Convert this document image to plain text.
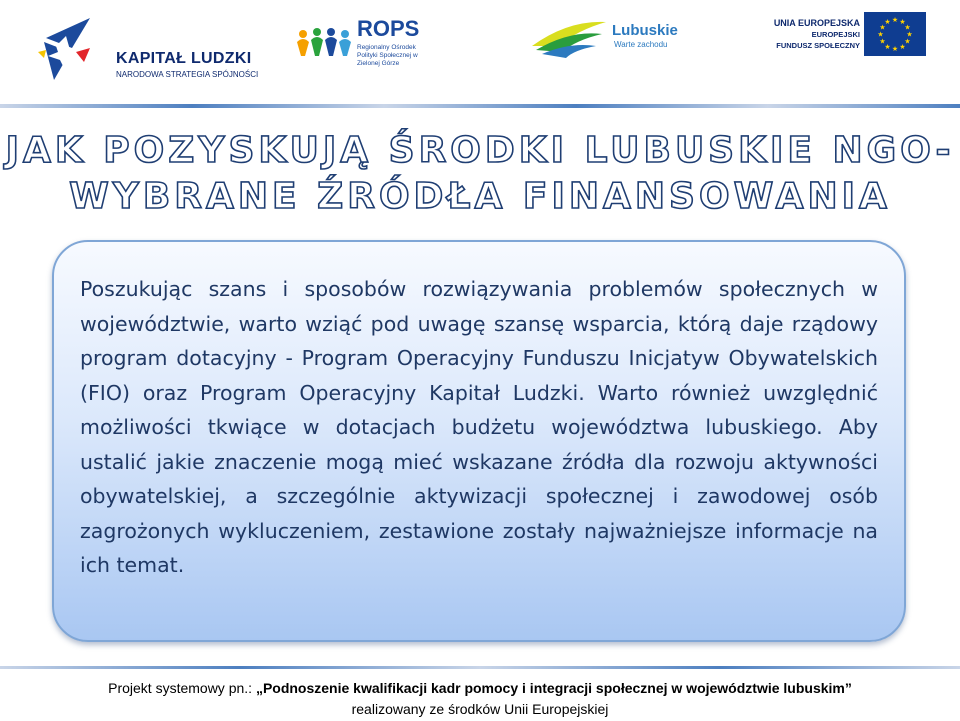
KAPITAŁ LUDZKI
NARODOWA STRATEGIA SPÓJNOŚCI
ROPS
Regionalny Ośrodek Polityki Społecznej w Zielonej Górze
Lubuskie
Warte zachodu
UNIA EUROPEJSKA
EUROPEJSKI
FUNDUSZ SPOŁECZNY
★ ★
★
★
★
★
★
★
★
★
★
★
JAK POZYSKUJĄ ŚRODKI LUBUSKIE NGO-
WYBRANE ŹRÓDŁA FINANSOWANIA
Poszukując szans i sposobów rozwiązywania problemów społecznych w województwie, warto wziąć pod uwagę szansę wsparcia, którą daje rządowy program dotacyjny - Program Operacyjny Funduszu Inicjatyw Obywatelskich (FIO) oraz Program Operacyjny Kapitał Ludzki. Warto również uwzględnić możliwości tkwiące w dotacjach budżetu województwa lubuskiego. Aby ustalić jakie znaczenie mogą mieć wskazane źródła dla rozwoju aktywności obywatelskiej, a szczególnie aktywizacji społecznej i zawodowej osób zagrożonych wykluczeniem, zestawione zostały najważniejsze informacje na ich temat.
Projekt systemowy pn.: „Podnoszenie kwalifikacji kadr pomocy i integracji społecznej w województwie lubuskim”
realizowany ze środków Unii Europejskiej
